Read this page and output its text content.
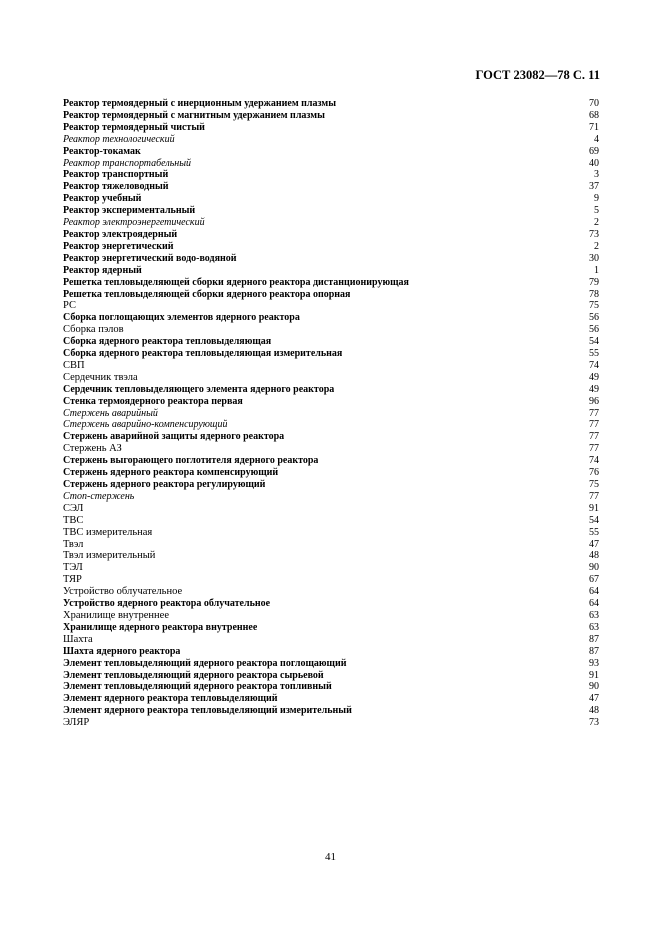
ГОСТ 23082—78 С. 11
Реактор термоядерный с инерционным удержанием плазмы	70
Реактор термоядерный с магнитным удержанием плазмы	68
Реактор термоядерный чистый	71
Реактор технологический	4
Реактор-токамак	69
Реактор транспортабельный	40
Реактор транспортный	3
Реактор тяжеловодный	37
Реактор учебный	9
Реактор экспериментальный	5
Реактор электроэнергетический	2
Реактор электроядерный	73
Реактор энергетический	2
Реактор энергетический водо-водяной	30
Реактор ядерный	1
Решетка тепловыделяющей сборки ядерного реактора дистанционирующая	79
Решетка тепловыделяющей сборки ядерного реактора опорная	78
РС	75
Сборка поглощающих элементов ядерного реактора	56
Сборка пэлов	56
Сборка ядерного реактора тепловыделяющая	54
Сборка ядерного реактора тепловыделяющая измерительная	55
СВП	74
Сердечник твэла	49
Сердечник тепловыделяющего элемента ядерного реактора	49
Стенка термоядерного реактора первая	96
Стержень аварийный	77
Стержень аварийно-компенсирующий	77
Стержень аварийной защиты ядерного реактора	77
Стержень АЗ	77
Стержень выгорающего поглотителя ядерного реактора	74
Стержень ядерного реактора компенсирующий	76
Стержень ядерного реактора регулирующий	75
Стоп-стержень	77
СЭЛ	91
ТВС	54
ТВС измерительная	55
Твэл	47
Твэл измерительный	48
ТЭЛ	90
ТЯР	67
Устройство облучательное	64
Устройство ядерного реактора облучательное	64
Хранилище внутреннее	63
Хранилище ядерного реактора внутреннее	63
Шахта	87
Шахта ядерного реактора	87
Элемент тепловыделяющий ядерного реактора поглощающий	93
Элемент тепловыделяющий ядерного реактора сырьевой	91
Элемент тепловыделяющий ядерного реактора топливный	90
Элемент ядерного реактора тепловыделяющий	47
Элемент ядерного реактора тепловыделяющий измерительный	48
ЭЛЯР	73
41
